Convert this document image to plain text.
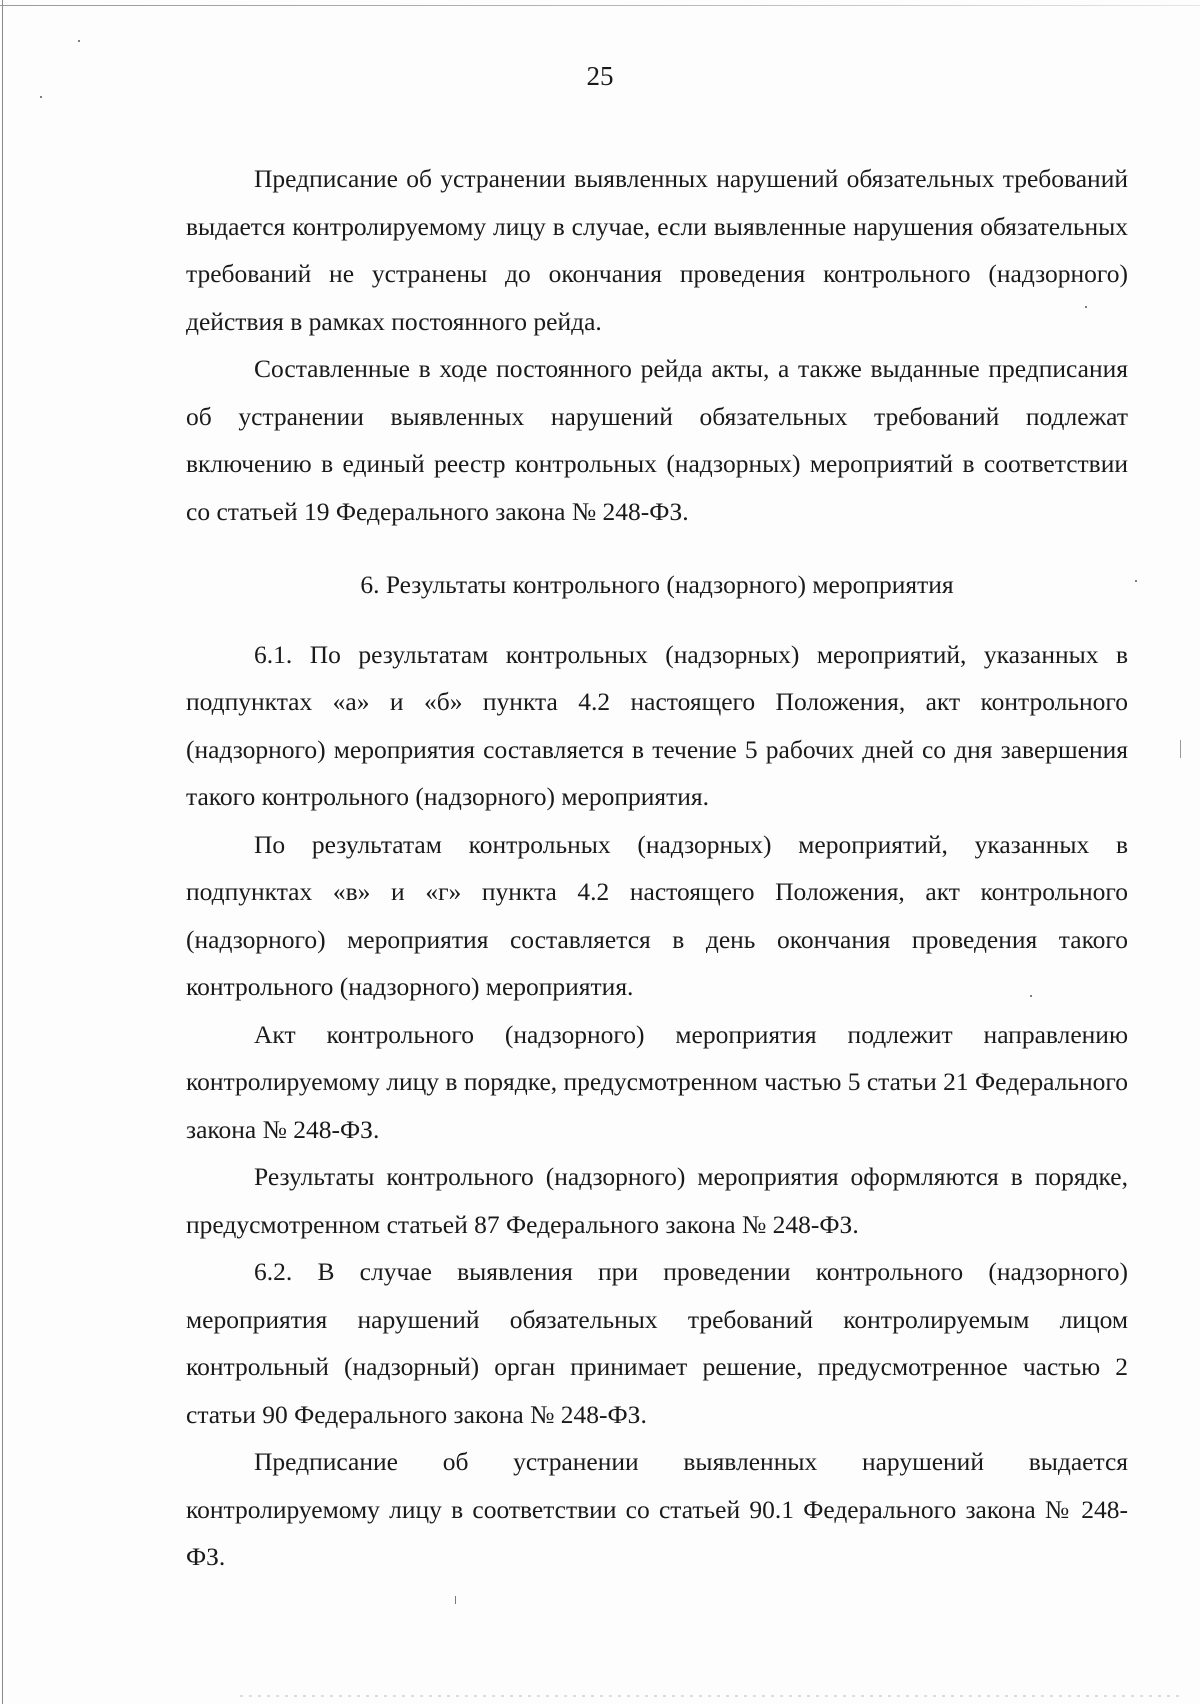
25

Предписание об устранении выявленных нарушений обязательных требований выдается контролируемому лицу в случае, если выявленные нарушения обязательных требований не устранены до окончания проведения контрольного (надзорного) действия в рамках постоянного рейда.

Составленные в ходе постоянного рейда акты, а также выданные предписания об устранении выявленных нарушений обязательных требований подлежат включению в единый реестр контрольных (надзорных) мероприятий в соответствии со статьей 19 Федерального закона № 248-ФЗ.

6. Результаты контрольного (надзорного) мероприятия

6.1. По результатам контрольных (надзорных) мероприятий, указанных в подпунктах «а» и «б» пункта 4.2 настоящего Положения, акт контрольного (надзорного) мероприятия составляется в течение 5 рабочих дней со дня завершения такого контрольного (надзорного) мероприятия.

По результатам контрольных (надзорных) мероприятий, указанных в подпунктах «в» и «г» пункта 4.2 настоящего Положения, акт контрольного (надзорного) мероприятия составляется в день окончания проведения такого контрольного (надзорного) мероприятия.

Акт контрольного (надзорного) мероприятия подлежит направлению контролируемому лицу в порядке, предусмотренном частью 5 статьи 21 Федерального закона № 248-ФЗ.

Результаты контрольного (надзорного) мероприятия оформляются в порядке, предусмотренном статьей 87 Федерального закона № 248-ФЗ.

6.2. В случае выявления при проведении контрольного (надзорного) мероприятия нарушений обязательных требований контролируемым лицом контрольный (надзорный) орган принимает решение, предусмотренное частью 2 статьи 90 Федерального закона № 248-ФЗ.

Предписание об устранении выявленных нарушений выдается контролируемому лицу в соответствии со статьей 90.1 Федерального закона № 248-ФЗ.
